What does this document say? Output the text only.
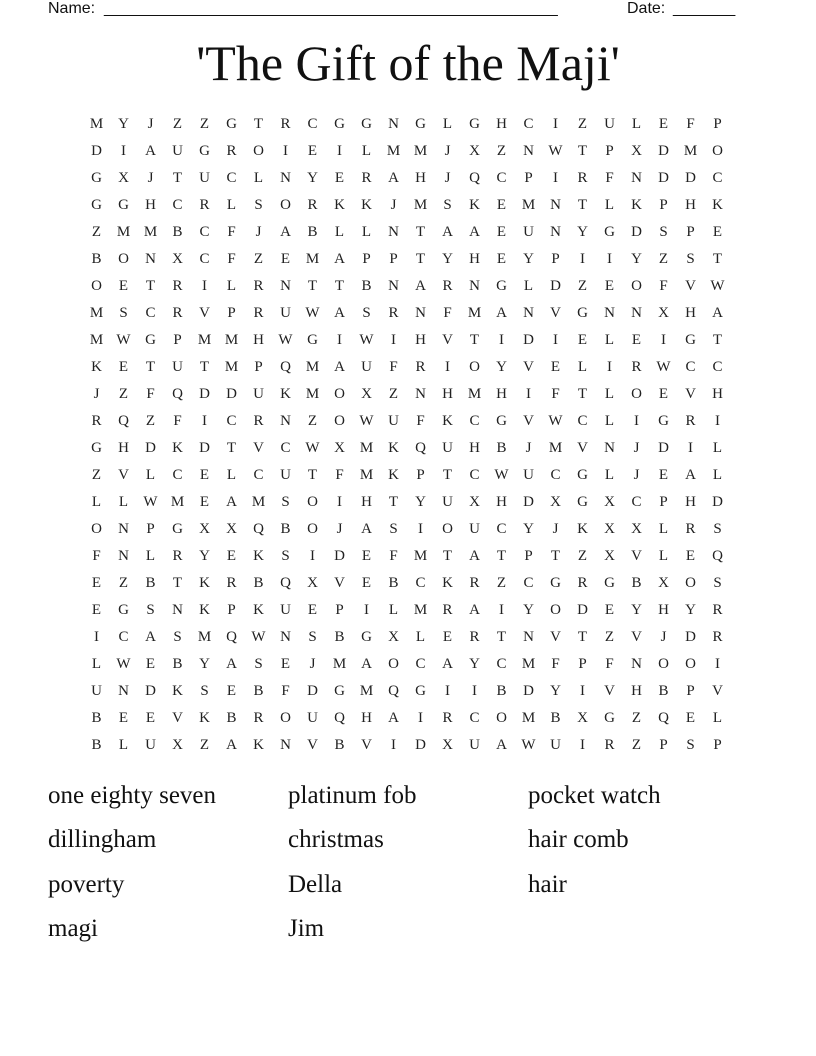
Name: ___________________________________________________	Date: _______
'The Gift of the Maji'
M Y	J	Z	Z	G	T	R	C	G	G	N	G	L	G	H	C	I	Z	U	L	E	F	P
D	I	A	U	G	R	O	I	E	I	L	M M	J	X	Z	N W	T	P	X	D M O
G	X	J	T	U	C	L	N	Y	E	R	A	H	J	Q	C	P	I	R	F	N	D	D	C
G	G	H	C	R	L	S	O	R	K	K	J	M	S	K	E	M N	T	L	K	P	H	K
Z	M M	B	C	F	J	A	B	L	L	N	T	A	A	E	U	N	Y	G	D	S	P	E
B	O	N	X	C	F	Z	E	M A	P	P	T	Y	H	E	Y	P	I	I	Y	Z	S	T
O	E	T	R	I	L	R	N	T	T	B	N	A	R	N	G	L	D	Z	E	O	F	V W
M	S	C	R	V	P	R	U W A	S	R	N	F	M A	N	V	G	N	N	X	H	A
M W G	P	M M H W G	I	W	I	H	V	T	I	D	I	E	L	E	I	G	T
K	E	T	U	T	M	P	Q M A	U	F	R	I	O	Y	V	E	L	I	R W C	C
J	Z	F	Q	D	D	U	K M O	X	Z	N	H M H	I	F	T	L	O	E	V	H
R	Q	Z	F	I	C	R	N	Z	O W U	F	K	C	G	V W C	L	I	G	R	I
G	H	D	K	D	T	V	C W X M K	Q	U	H	B	J	M V	N	J	D	I	L
Z	V	L	C	E	L	C	U	T	F	M K	P	T	C W U	C	G	L	J	E	A	L
L	L	W M	E	A M	S	O	I	H	T	Y	U	X	H	D	X	G	X	C	P	H	D
O	N	P	G	X	X	Q	B	O	J	A	S	I	O	U	C	Y	J	K	X	X	L	R	S
F	N	L	R	Y	E	K	S	I	D	E	F	M	T	A	T	P	T	Z	X	V	L	E	Q
E	Z	B	T	K	R	B	Q	X	V	E	B	C	K	R	Z	C	G	R	G	B	X	O	S
E	G	S	N	K	P	K	U	E	P	I	L	M	R	A	I	Y	O	D	E	Y	H	Y	R
I	C	A	S	M Q W N	S	B	G	X	L	E	R	T	N	V	T	Z	V	J	D	R
L	W	E	B	Y	A	S	E	J	M A	O	C	A	Y	C	M	F	P	F	N	O	O	I
U	N	D	K	S	E	B	F	D	G M Q	G	I	I	B	D	Y	I	V	H	B	P	V
B	E	E	V	K	B	R	O	U	Q	H	A	I	R	C	O M	B	X	G	Z	Q	E	L
B	L	U	X	Z	A	K	N	V	B	V	I	D	X	U	A W U	I	R	Z	P	S	P
one eighty seven	platinum fob	pocket watch
dillingham	christmas	hair comb
poverty	Della	hair
magi	Jim
